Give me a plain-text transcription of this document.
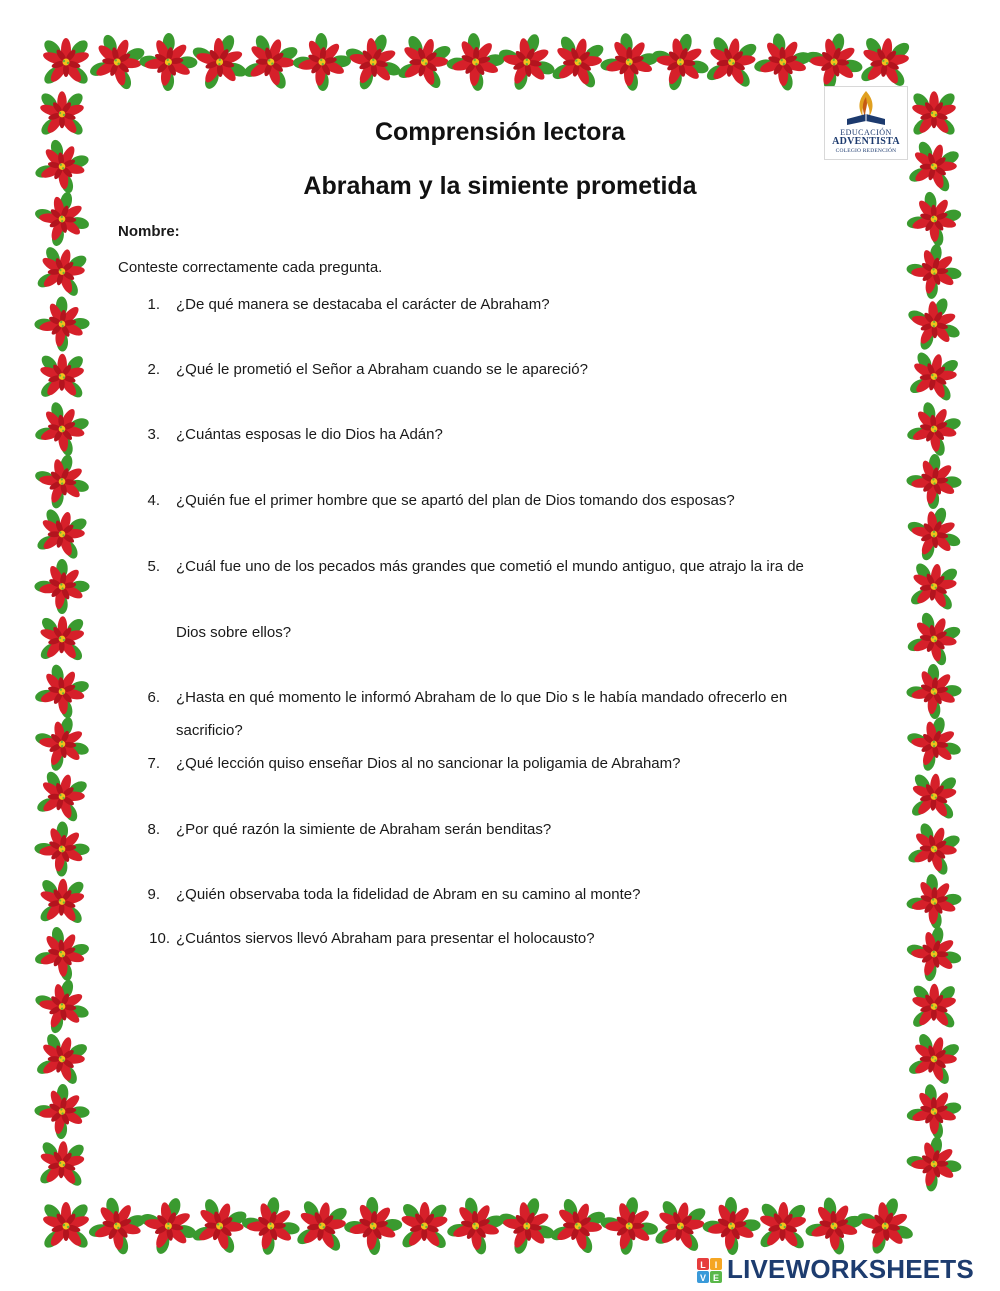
EDUCACIÓN
ADVENTISTA
COLEGIO REDENCIÓN
Comprensión lectora
Abraham y la simiente prometida
Nombre:
Conteste correctamente cada pregunta.
1. ¿De qué manera se destacaba el carácter de Abraham?
2. ¿Qué le prometió el Señor a Abraham cuando se le apareció?
3. ¿Cuántas esposas le dio Dios ha Adán?
4. ¿Quién fue el primer hombre que se apartó del plan de Dios tomando dos esposas?
5. ¿Cuál fue uno de los pecados más grandes que cometió el mundo antiguo, que atrajo la ira de
Dios sobre ellos?
6. ¿Hasta en qué momento le informó Abraham de lo que Dio s le había mandado ofrecerlo en
sacrificio?
7. ¿Qué lección quiso enseñar Dios al no sancionar la poligamia de Abraham?
8. ¿Por qué razón la simiente de Abraham serán benditas?
9. ¿Quién observaba toda la fidelidad de Abram en su camino al monte?
10. ¿Cuántos siervos llevó Abraham para presentar el holocausto?
L I
V E LIVEWORKSHEETS
